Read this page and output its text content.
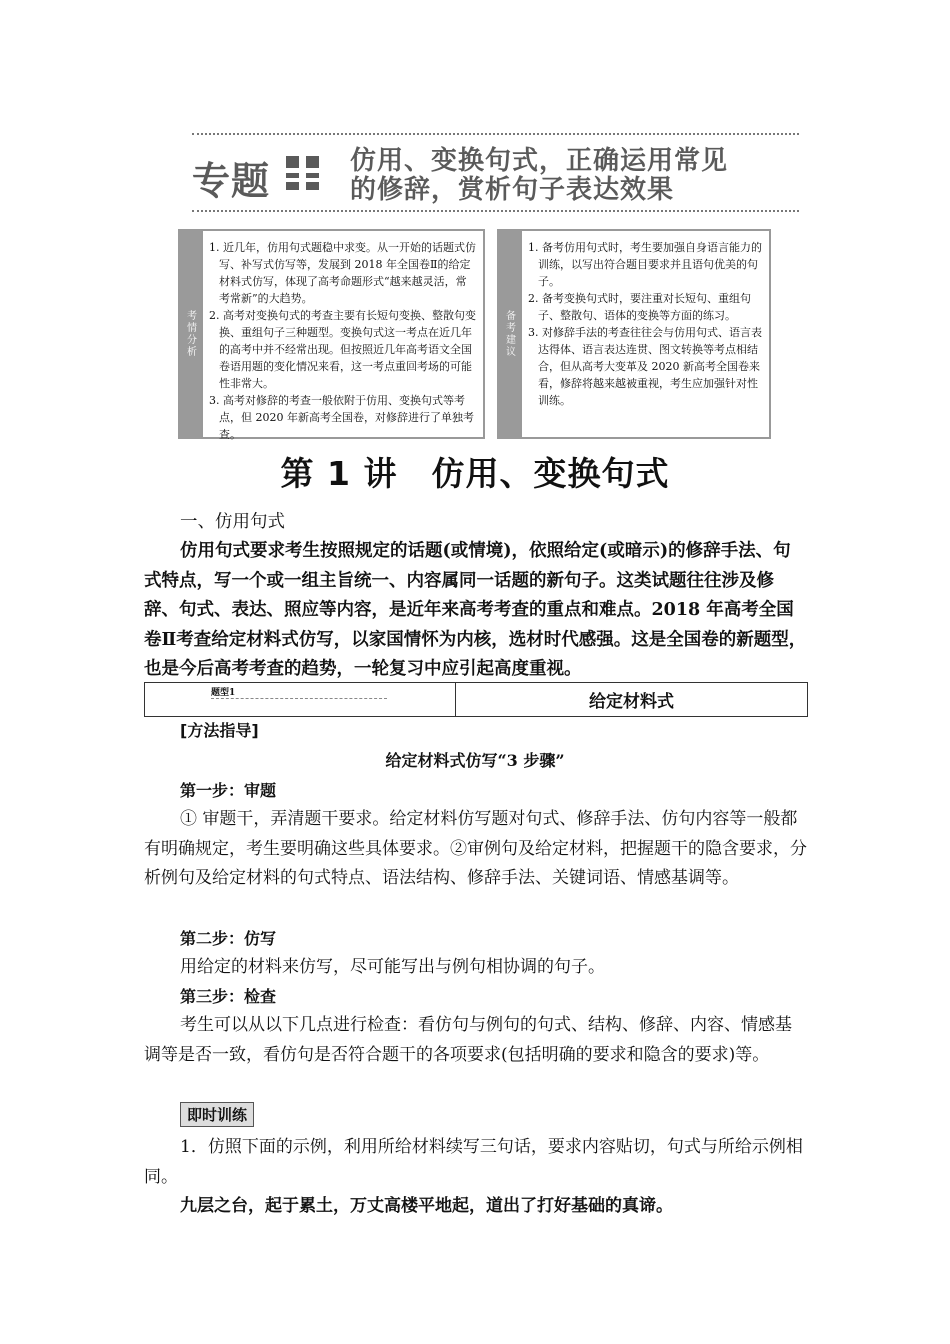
专题	仿用、变换句式，正确运用常见
的修辞，赏析句子表达效果
考情分析

1. 近几年，仿用句式题稳中求变。从一开始的话题式仿写、补写式仿写等，发展到 2018 年全国卷Ⅱ的给定材料式仿写，体现了高考命题形式“越来越灵活，常考常新”的大趋势。

2. 高考对变换句式的考查主要有长短句变换、整散句变换、重组句子三种题型。变换句式这一考点在近几年的高考中并不经常出现。但按照近几年高考语文全国卷语用题的变化情况来看，这一考点重回考场的可能性非常大。

3. 高考对修辞的考查一般依附于仿用、变换句式等考点，但 2020 年新高考全国卷，对修辞进行了单独考查。

备考建议

1. 备考仿用句式时，考生要加强自身语言能力的训练，以写出符合题目要求并且语句优美的句子。

2. 备考变换句式时，要注重对长短句、重组句子、整散句、语体的变换等方面的练习。

3. 对修辞手法的考查往往会与仿用句式、语言表达得体、语言表达连贯、图文转换等考点相结合，但从高考大变革及 2020 新高考全国卷来看，修辞将越来越被重视，考生应加强针对性训练。

第 1 讲　仿用、变换句式
一、仿用句式
仿用句式要求考生按照规定的话题(或情境)，依照给定(或暗示)的修辞手法、句式特点，写一个或一组主旨统一、内容属同一话题的新句子。这类试题往往涉及修辞、句式、表达、照应等内容，是近年来高考考查的重点和难点。2018 年高考全国卷Ⅱ考查给定材料式仿写，以家国情怀为内核，选材时代感强。这是全国卷的新题型，也是今后高考考查的趋势，一轮复习中应引起高度重视。
题型1	给定材料式
[方法指导]
给定材料式仿写“3 步骤”
第一步：审题
① 审题干，弄清题干要求。给定材料仿写题对句式、修辞手法、仿句内容等一般都有明确规定，考生要明确这些具体要求。②审例句及给定材料，把握题干的隐含要求，分析例句及给定材料的句式特点、语法结构、修辞手法、关键词语、情感基调等。
第二步：仿写
用给定的材料来仿写，尽可能写出与例句相协调的句子。
第三步：检查
考生可以从以下几点进行检查：看仿句与例句的句式、结构、修辞、内容、情感基调等是否一致，看仿句是否符合题干的各项要求(包括明确的要求和隐含的要求)等。
即时训练
1．仿照下面的示例，利用所给材料续写三句话，要求内容贴切，句式与所给示例相同。
九层之台，起于累土，万丈高楼平地起，道出了打好基础的真谛。
